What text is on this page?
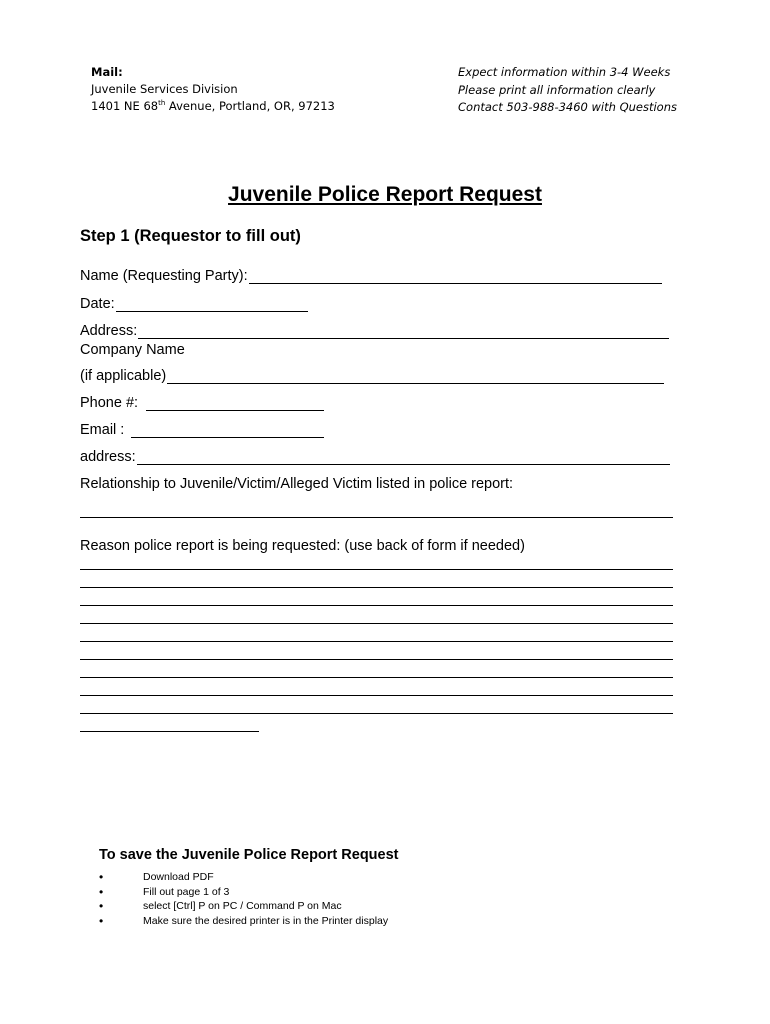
Mail:
Juvenile Services Division
1401 NE 68th Avenue, Portland, OR, 97213
Expect information within 3-4 Weeks
Please print all information clearly
Contact 503-988-3460 with Questions
Juvenile Police Report Request
Step 1 (Requestor to fill out)
Name (Requesting Party):
Date:
Address:
Company Name
(if applicable)
Phone #:
Email :
address:
Relationship to Juvenile/Victim/Alleged Victim listed in police report:
Reason police report is being requested: (use back of form if needed)
To save the Juvenile Police Report Request
•	Download PDF
•	Fill out page 1 of 3
•	select [Ctrl] P on PC / Command P on Mac
•	Make sure the desired printer is in the Printer display
